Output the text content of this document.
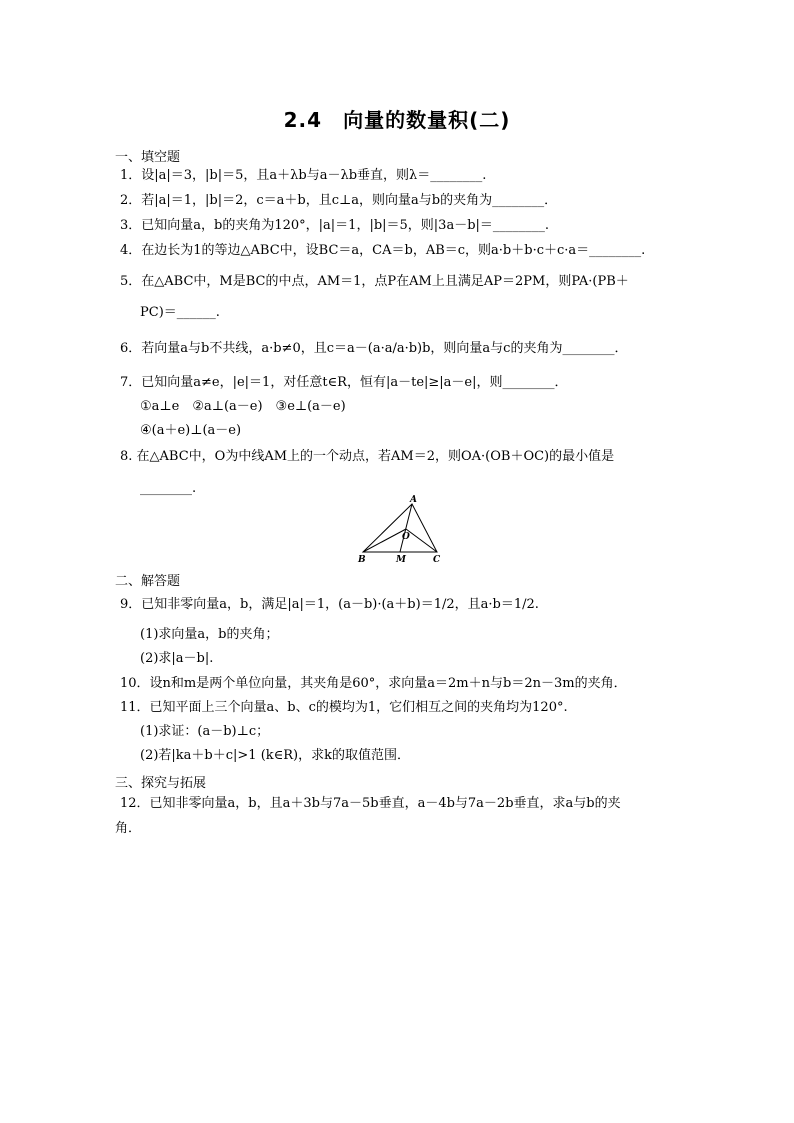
2.4　向量的数量积(二)
一、填空题
1．设|a|＝3，|b|＝5，且a＋λb与a－λb垂直，则λ＝________.
2．若|a|＝1，|b|＝2，c＝a＋b，且c⊥a，则向量a与b的夹角为________．
3．已知向量a，b的夹角为120°，|a|＝1，|b|＝5，则|3a－b|＝________.
4．在边长为1的等边△ABC中，设BC＝a，CA＝b，AB＝c，则a·b＋b·c＋c·a＝________.
5．在△ABC中，M是BC的中点，AM＝1，点P在AM上且满足AP＝2PM，则PA·(PB＋
PC)＝______.
6．若向量a与b不共线，a·b≠0，且c＝a－(a·a/a·b)b，则向量a与c的夹角为________．
7．已知向量a≠e，|e|＝1，对任意t∈R，恒有|a－te|≥|a－e|，则________．
①a⊥e　②a⊥(a－e)　③e⊥(a－e)
④(a＋e)⊥(a－e)
8. 在△ABC中，O为中线AM上的一个动点，若AM＝2，则OA·(OB＋OC)的最小值是
________.
A
B	C
M
O
二、解答题
9．已知非零向量a，b，满足|a|＝1，(a－b)·(a＋b)＝1/2，且a·b＝1/2.
(1)求向量a，b的夹角；
(2)求|a－b|.
10．设n和m是两个单位向量，其夹角是60°，求向量a＝2m＋n与b＝2n－3m的夹角．
11．已知平面上三个向量a、b、c的模均为1，它们相互之间的夹角均为120°.
(1)求证：(a－b)⊥c；
(2)若|ka＋b＋c|>1 (k∈R)，求k的取值范围．
三、探究与拓展
12．已知非零向量a，b，且a＋3b与7a－5b垂直，a－4b与7a－2b垂直，求a与b的夹
角．
